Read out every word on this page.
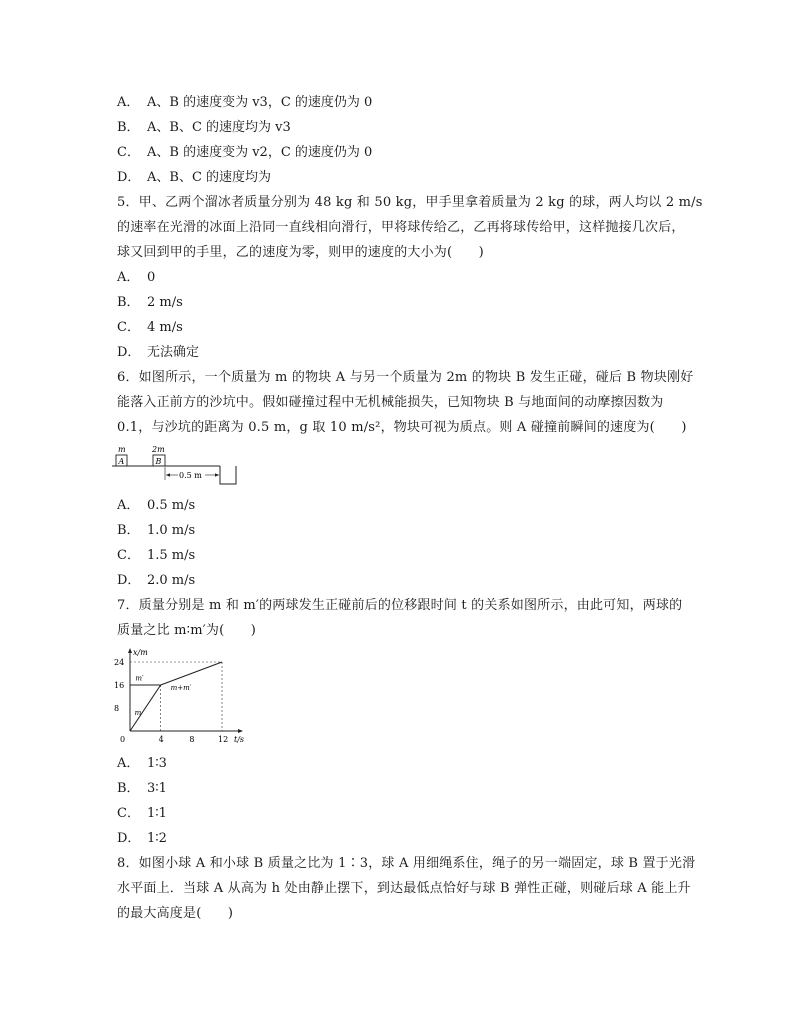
A． A、B 的速度变为 v3，C 的速度仍为 0
B． A、B、C 的速度均为 v3
C． A、B 的速度变为 v2，C 的速度仍为 0
D． A、B、C 的速度均为
5．甲、乙两个溜冰者质量分别为 48 kg 和 50 kg，甲手里拿着质量为 2 kg 的球，两人均以 2 m/s
的速率在光滑的冰面上沿同一直线相向滑行，甲将球传给乙，乙再将球传给甲，这样抛接几次后，
球又回到甲的手里，乙的速度为零，则甲的速度的大小为(　　)
A． 0
B． 2 m/s
C． 4 m/s
D． 无法确定
6．如图所示，一个质量为 m 的物块 A 与另一个质量为 2m 的物块 B 发生正碰，碰后 B 物块刚好
能落入正前方的沙坑中。假如碰撞过程中无机械能损失，已知物块 B 与地面间的动摩擦因数为
0.1，与沙坑的距离为 0.5 m，g 取 10 m/s²，物块可视为质点。则 A 碰撞前瞬间的速度为(　　)
m
A
2m
B
0.5 m
A． 0.5 m/s
B． 1.0 m/s
C． 1.5 m/s
D． 2.0 m/s
7．质量分别是 m 和 m′的两球发生正碰前后的位移跟时间 t 的关系如图所示，由此可知，两球的
质量之比 m∶m′为(　　)
x/m
t/s
0
8
16
24
4	8	12
m
m′
m+m′
A． 1∶3
B． 3∶1
C． 1∶1
D． 1∶2
8．如图小球 A 和小球 B 质量之比为 1∶3，球 A 用细绳系住，绳子的另一端固定，球 B 置于光滑
水平面上．当球 A 从高为 h 处由静止摆下，到达最低点恰好与球 B 弹性正碰，则碰后球 A 能上升
的最大高度是(　　)
